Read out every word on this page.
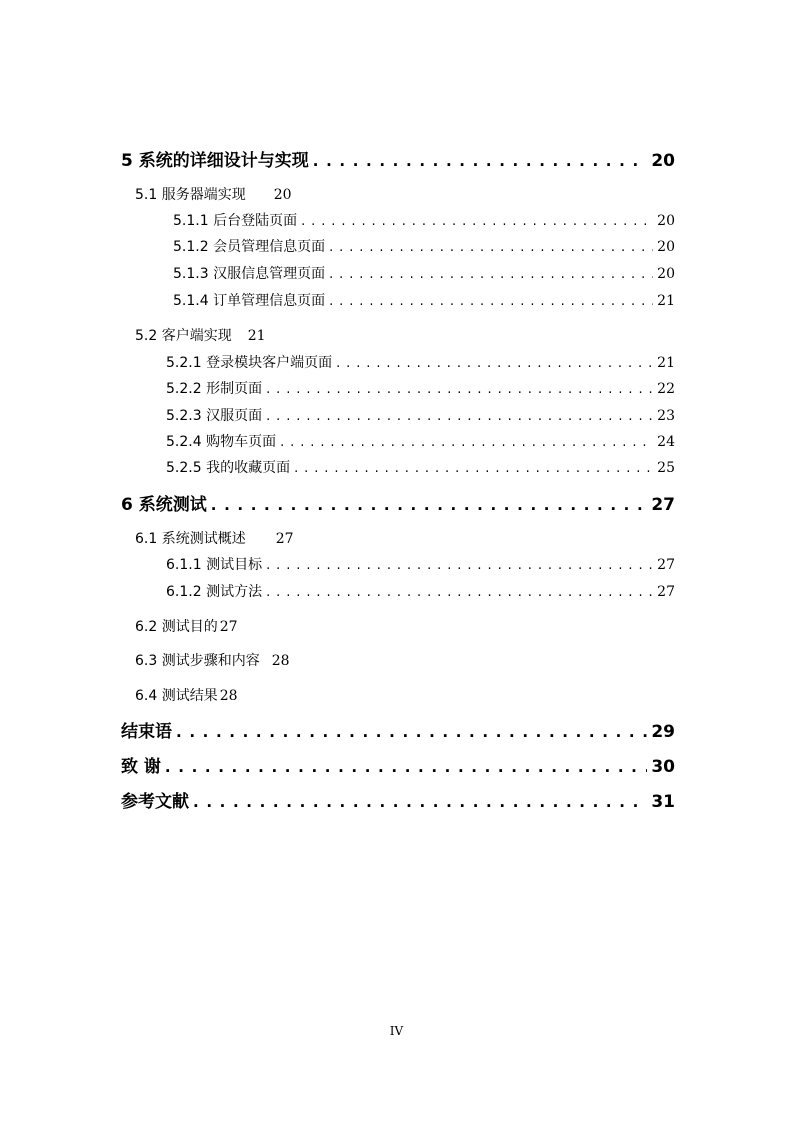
5 系统的详细设计与实现 . . .	20
5.1 服务器端实现 20
5.1.1 后台登陆页面 . . .	20
5.1.2 会员管理信息页面 . . .	20
5.1.3 汉服信息管理页面 . . .	20
5.1.4 订单管理信息页面 . . .	21
5.2 客户端实现 21
5.2.1 登录模块客户端页面 . . .	21
5.2.2 形制页面 . . .	22
5.2.3 汉服页面 . . .	23
5.2.4 购物车页面 . . .	24
5.2.5 我的收藏页面 . . .	25
6 系统测试 . . .	27
6.1 系统测试概述 27
6.1.1 测试目标 . . .	27
6.1.2 测试方法 . . .	27
6.2 测试目的 27
6.3 测试步骤和内容 28
6.4 测试结果 28
结束语 . . .	29
致 谢 . . .	30
参考文献 . . .	31
IV
